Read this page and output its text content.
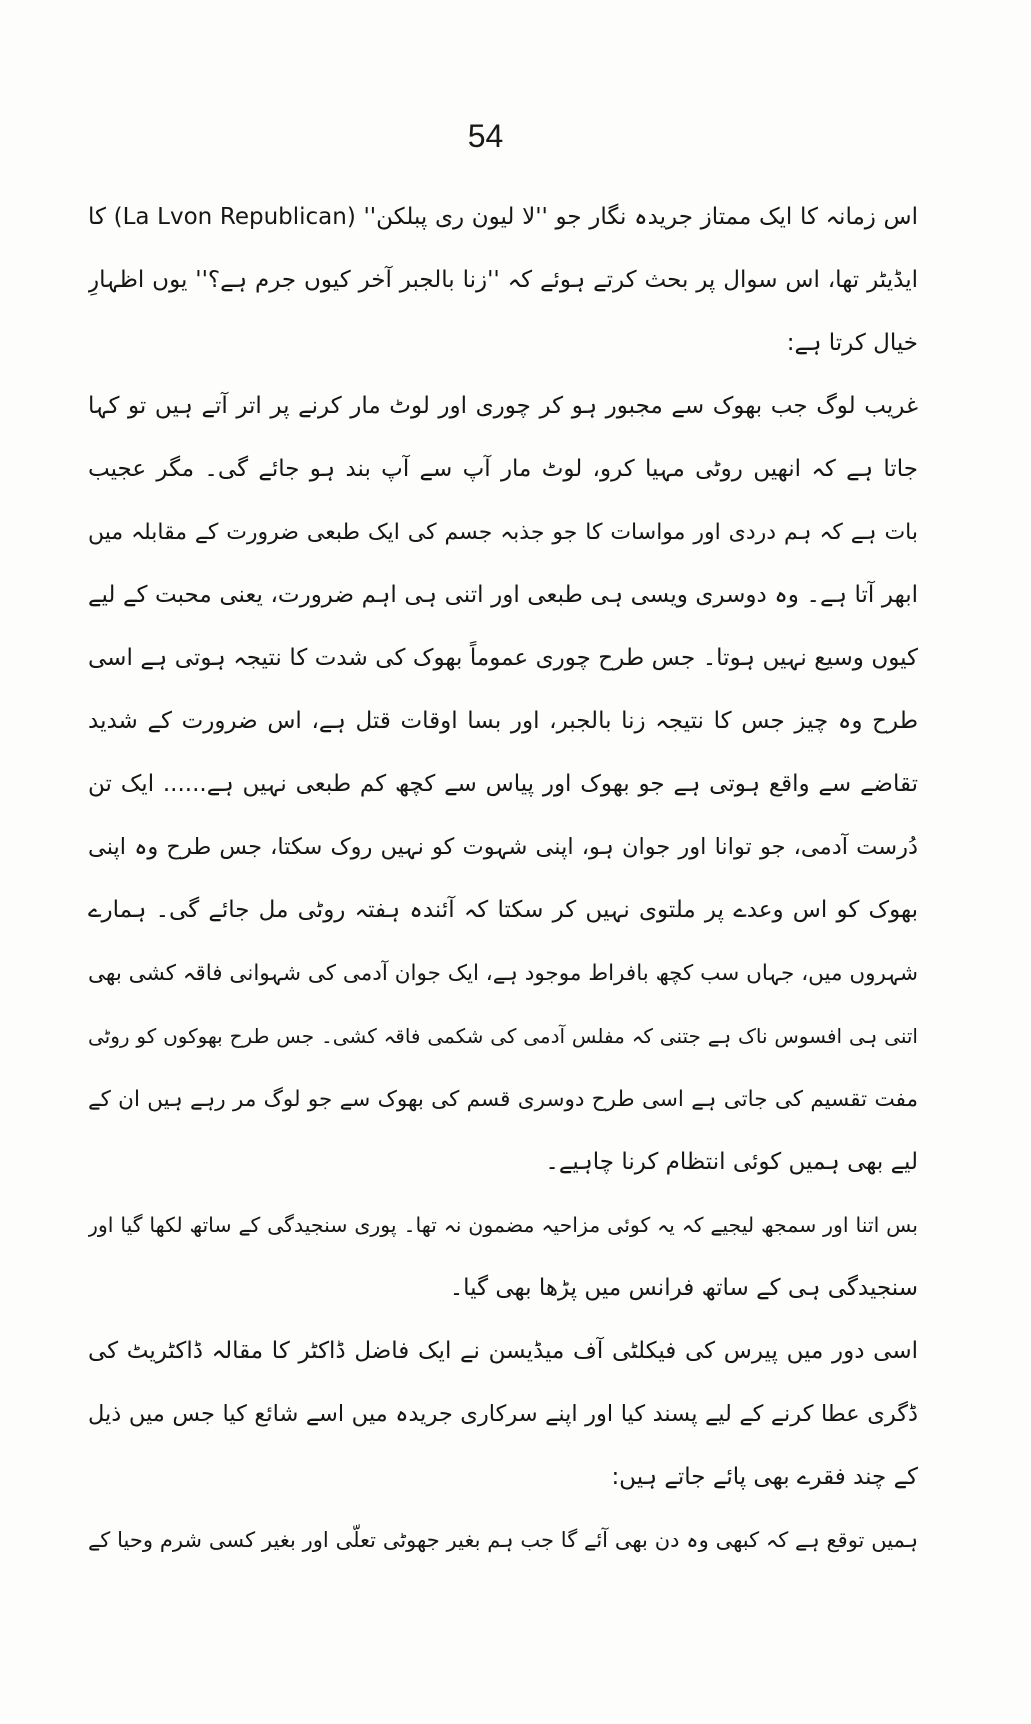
54
اس زمانہ کا ایک ممتاز جریدہ نگار جو ''لا لیون ری پبلکن'' (La Lvon Republican) کا
ایڈیٹر تھا، اس سوال پر بحث کرتے ہوئے کہ ''زنا بالجبر آخر کیوں جرم ہے؟'' یوں اظہارِ
خیال کرتا ہے:
غریب لوگ جب بھوک سے مجبور ہو کر چوری اور لوٹ مار کرنے پر اتر آتے ہیں تو کہا
جاتا ہے کہ انھیں روٹی مہیا کرو، لوٹ مار آپ سے آپ بند ہو جائے گی۔ مگر عجیب
بات ہے کہ ہم دردی اور مواسات کا جو جذبہ جسم کی ایک طبعی ضرورت کے مقابلہ میں
ابھر آتا ہے۔ وہ دوسری ویسی ہی طبعی اور اتنی ہی اہم ضرورت، یعنی محبت کے لیے
کیوں وسیع نہیں ہوتا۔ جس طرح چوری عموماً بھوک کی شدت کا نتیجہ ہوتی ہے اسی
طرح وہ چیز جس کا نتیجہ زنا بالجبر، اور بسا اوقات قتل ہے، اس ضرورت کے شدید
تقاضے سے واقع ہوتی ہے جو بھوک اور پیاس سے کچھ کم طبعی نہیں ہے...... ایک تن
دُرست آدمی، جو توانا اور جوان ہو، اپنی شہوت کو نہیں روک سکتا، جس طرح وہ اپنی
بھوک کو اس وعدے پر ملتوی نہیں کر سکتا کہ آئندہ ہفتہ روٹی مل جائے گی۔ ہمارے
شہروں میں، جہاں سب کچھ بافراط موجود ہے، ایک جوان آدمی کی شہوانی فاقہ کشی بھی
اتنی ہی افسوس ناک ہے جتنی کہ مفلس آدمی کی شکمی فاقہ کشی۔ جس طرح بھوکوں کو روٹی
مفت تقسیم کی جاتی ہے اسی طرح دوسری قسم کی بھوک سے جو لوگ مر رہے ہیں ان کے
لیے بھی ہمیں کوئی انتظام کرنا چاہیے۔
بس اتنا اور سمجھ لیجیے کہ یہ کوئی مزاحیہ مضمون نہ تھا۔ پوری سنجیدگی کے ساتھ لکھا گیا اور
سنجیدگی ہی کے ساتھ فرانس میں پڑھا بھی گیا۔
اسی دور میں پیرس کی فیکلٹی آف میڈیسن نے ایک فاضل ڈاکٹر کا مقالہ ڈاکٹریٹ کی
ڈگری عطا کرنے کے لیے پسند کیا اور اپنے سرکاری جریدہ میں اسے شائع کیا جس میں ذیل
کے چند فقرے بھی پائے جاتے ہیں:
ہمیں توقع ہے کہ کبھی وہ دن بھی آئے گا جب ہم بغیر جھوٹی تعلّی اور بغیر کسی شرم وحیا کے
